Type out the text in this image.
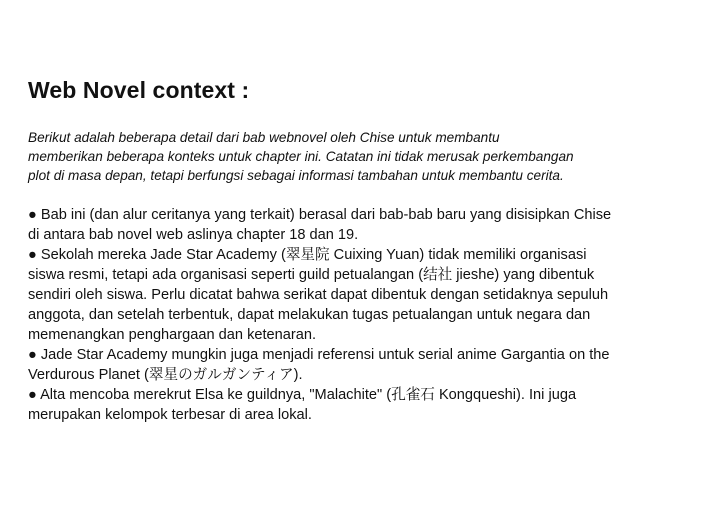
Web Novel context :

Berikut adalah beberapa detail dari bab webnovel oleh Chise untuk membantu
memberikan beberapa konteks untuk chapter ini. Catatan ini tidak merusak perkembangan
plot di masa depan, tetapi berfungsi sebagai informasi tambahan untuk membantu cerita.

● Bab ini (dan alur ceritanya yang terkait) berasal dari bab-bab baru yang disisipkan Chise
di antara bab novel web aslinya chapter 18 dan 19.
● Sekolah mereka Jade Star Academy (翠星院 Cuixing Yuan) tidak memiliki organisasi
siswa resmi, tetapi ada organisasi seperti guild petualangan (结社 jieshe) yang dibentuk
sendiri oleh siswa. Perlu dicatat bahwa serikat dapat dibentuk dengan setidaknya sepuluh
anggota, dan setelah terbentuk, dapat melakukan tugas petualangan untuk negara dan
memenangkan penghargaan dan ketenaran.
● Jade Star Academy mungkin juga menjadi referensi untuk serial anime Gargantia on the
Verdurous Planet (翠星のガルガンティア).
● Alta mencoba merekrut Elsa ke guildnya, "Malachite" (孔雀石 Kongqueshi). Ini juga
merupakan kelompok terbesar di area lokal.
